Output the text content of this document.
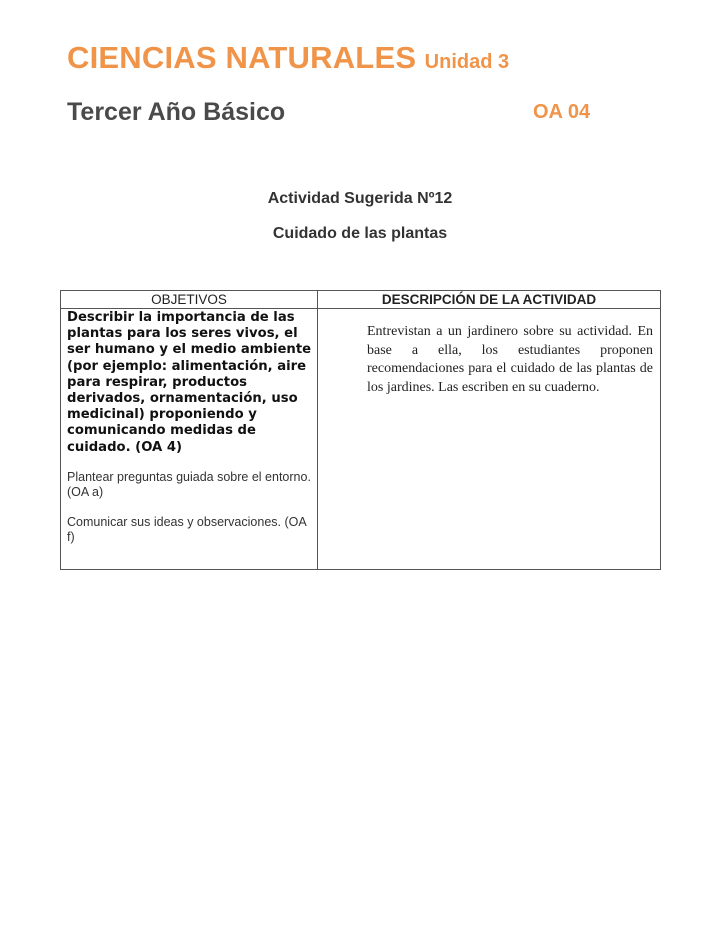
CIENCIAS NATURALES Unidad 3
Tercer Año Básico	OA 04
Actividad Sugerida Nº12
Cuidado de las plantas
OBJETIVOS	DESCRIPCIÓN DE LA ACTIVIDAD

Describir la importancia de las plantas para los seres vivos, el ser humano y el medio ambiente (por ejemplo: alimentación, aire para respirar, productos derivados, ornamentación, uso medicinal) proponiendo y comunicando medidas de cuidado. (OA 4)
Plantear preguntas guiada sobre el entorno. (OA a)
Comunicar sus ideas y observaciones. (OA f)	Entrevistan a un jardinero sobre su actividad. En base a ella, los estudiantes proponen recomendaciones para el cuidado de las plantas de los jardines. Las escriben en su cuaderno.
